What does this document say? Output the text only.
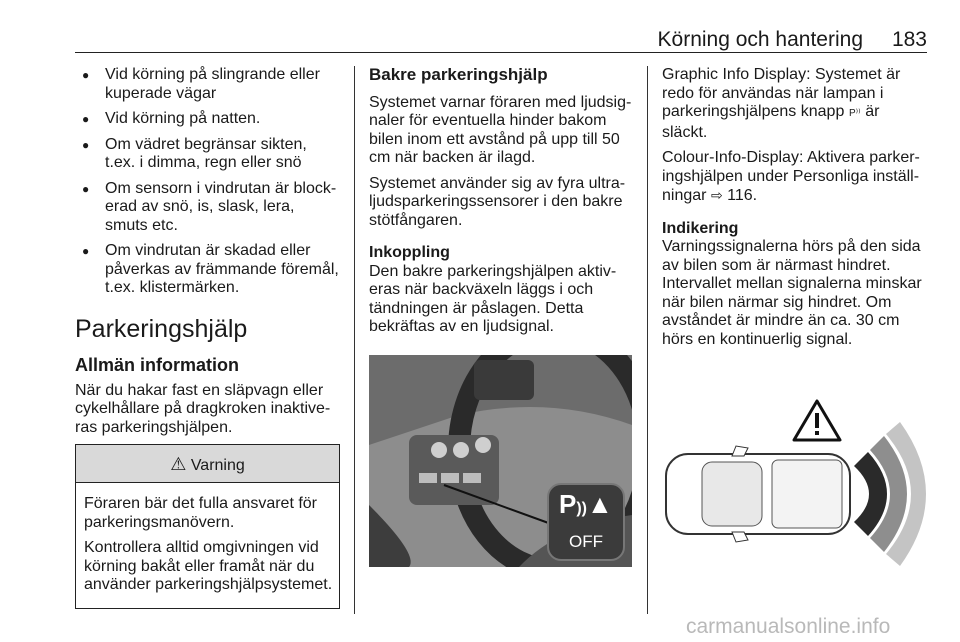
Körning och hantering 183
● Vid körning på slingrande eller kuperade vägar
● Vid körning på natten.
● Om vädret begränsar sikten, t.ex. i dimma, regn eller snö
● Om sensorn i vindrutan är blockerad av snö, is, slask, lera, smuts etc.
● Om vindrutan är skadad eller påverkas av främmande föremål, t.ex. klistermärken.
Parkeringshjälp
Allmän information

När du hakar fast en släpvagn eller cykelhållare på dragkroken inaktiveras parkeringshjälpen.

⚠ Varning

Föraren bär det fulla ansvaret för parkeringsmanövern.

Kontrollera alltid omgivningen vid körning bakåt eller framåt när du använder parkeringshjälpsystemet.

Bakre parkeringshjälp

Systemet varnar föraren med ljudsignaler för eventuella hinder bakom bilen inom ett avstånd på upp till 50 cm när backen är ilagd.

Systemet använder sig av fyra ultraljudsparkeringssensorer i den bakre stötfångaren.

Inkoppling

Den bakre parkeringshjälpen aktiveras när backväxeln läggs i och tändningen är påslagen. Detta bekräftas av en ljudsignal.

P))▲
OFF

Graphic Info Display: Systemet är redo för användas när lampan i parkeringshjälpens knapp P⁾⁾ är släckt.

Colour-Info-Display: Aktivera parkeringshjälpen under Personliga inställningar ⇨ 116.

Indikering

Varningssignalerna hörs på den sida av bilen som är närmast hindret. Intervallet mellan signalerna minskar när bilen närmar sig hindret. Om avståndet är mindre än ca. 30 cm hörs en kontinuerlig signal.

carmanualsonline.info
